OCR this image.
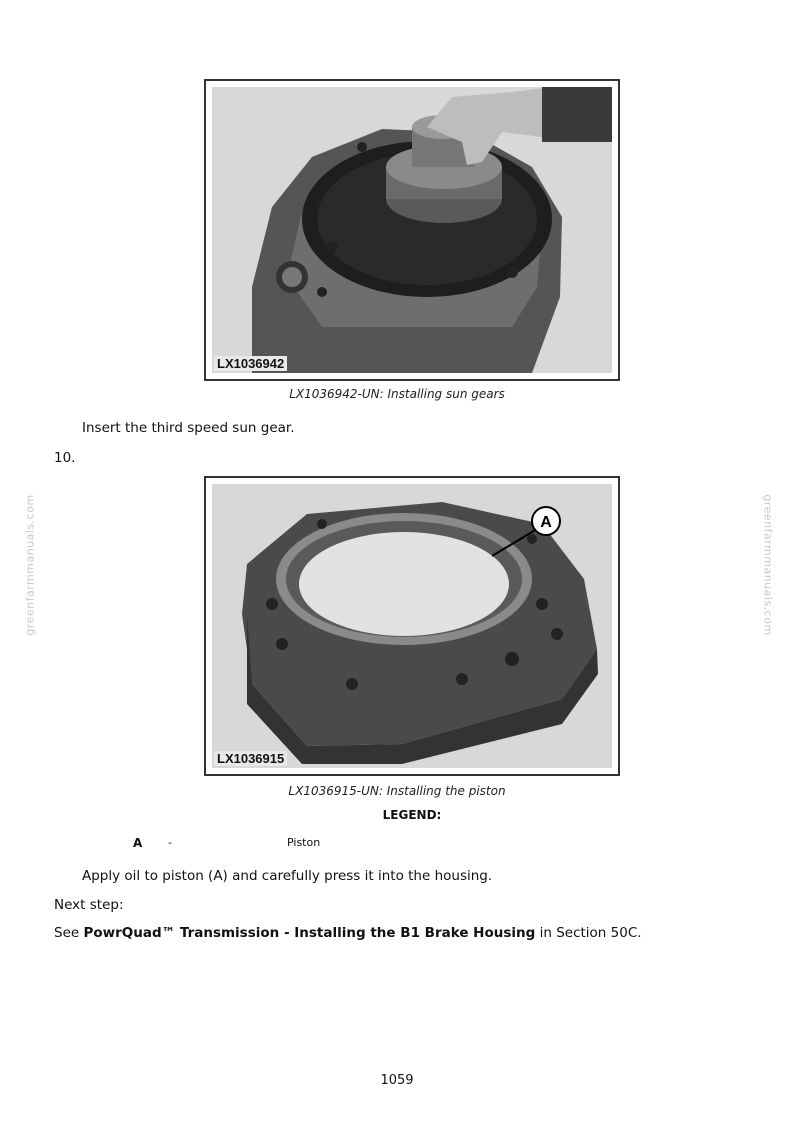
greenfarmmanuals.com	greenfarmmanuals.com
LX1036942
LX1036942-UN: Installing sun gears
Insert the third speed sun gear.
10.
A
LX1036915
LX1036915-UN: Installing the piston
LEGEND:
A -	Piston
Apply oil to piston (A) and carefully press it into the housing.
Next step:
See PowrQuad™ Transmission - Installing the B1 Brake Housing in Section 50C.
1059
